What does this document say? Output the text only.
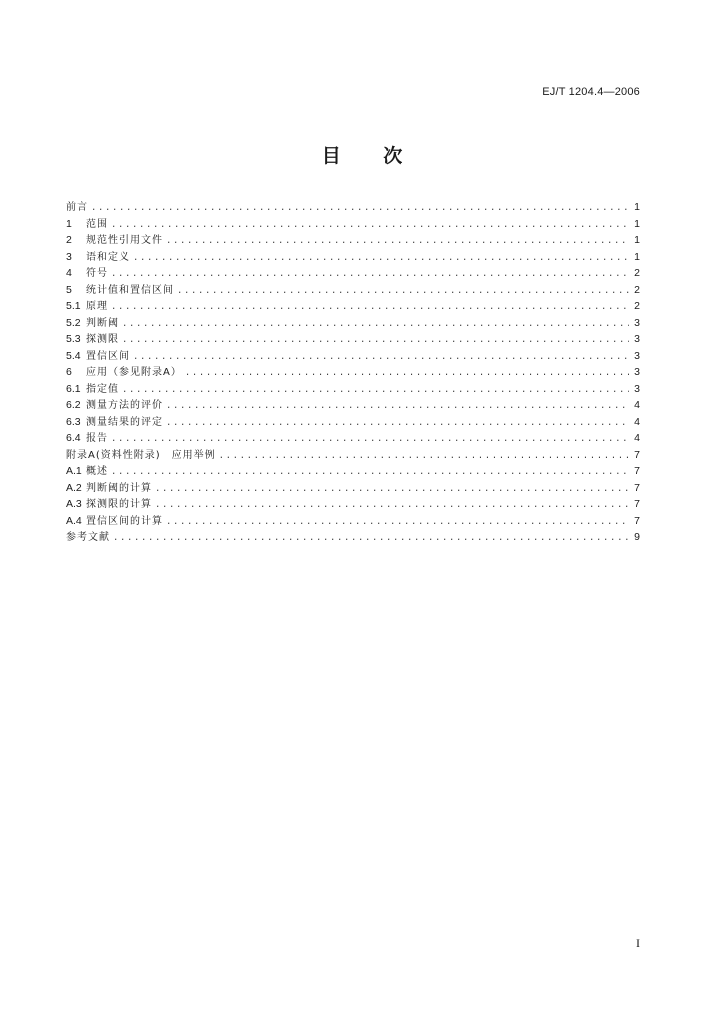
EJ/T 1204.4—2006
目 次
前言 .....	1
1	范围 .....	1
2	规范性引用文件 .....	1
3	语和定义 .....	1
4	符号 .....	2
5	统计值和置信区间 .....	2
5.1 原理 .....	2
5.2 判断阈 .....	3
5.3 探测限 .....	3
5.4 置信区间 .....	3
6	应用（参见附录A） .....	3
6.1 指定值 .....	3
6.2 测量方法的评价 .....	4
6.3 测量结果的评定 .....	4
6.4 报告 .....	4
附录A(资料性附录)　应用举例 .....	7
A.1 概述 .....	7
A.2 判断阈的计算 .....	7
A.3 探测限的计算 .....	7
A.4 置信区间的计算 .....	7
参考文献 .....	9
I
